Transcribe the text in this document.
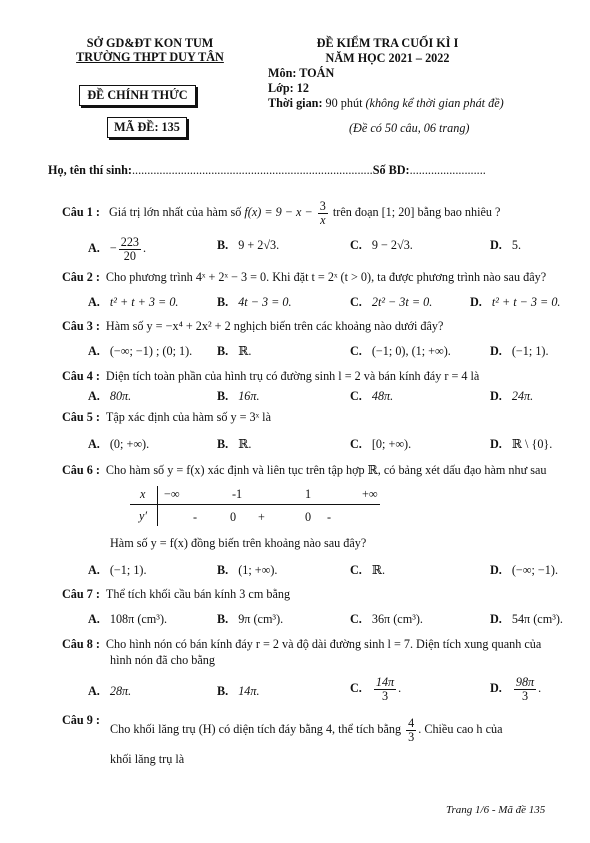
SỞ GD&ĐT KON TUM
TRƯỜNG THPT DUY TÂN
ĐỀ CHÍNH THỨC
MÃ ĐỀ: 135
ĐỀ KIỂM TRA CUỐI KÌ I
NĂM HỌC 2021 – 2022
Môn: TOÁN
Lớp: 12
Thời gian: 90 phút (không kể thời gian phát đề)
(Đề có 50 câu, 06 trang)
Họ, tên thí sinh:...............................................................................Số BD:.........................
Câu 1 : Giá trị lớn nhất của hàm số $f(x) = 9 - x - \frac{3}{x}$ trên đoạn [1; 20] bằng bao nhiêu ?
A. − $\frac{223}{20}$ .	B. 9 + 2√3.	C. 9 − 2√3.	D. 5.
Câu 2 : Cho phương trình 4ˣ + 2ˣ − 3 = 0. Khi đặt t = 2ˣ (t > 0), ta được phương trình nào sau đây?
A. t² + t + 3 = 0.	B. 4t − 3 = 0.	C. 2t² − 3t = 0.	D. t² + t − 3 = 0.
Câu 3 : Hàm số y = −x⁴ + 2x² + 2 nghịch biến trên các khoảng nào dưới đây?
A. (−∞; −1) ; (0; 1). B. ℝ.	C. (−1; 0), (1; +∞).	D. (−1; 1).
Câu 4 : Diện tích toàn phần của hình trụ có đường sinh l = 2 và bán kính đáy r = 4 là
A. 80π.	B. 16π.	C. 48π.	D. 24π.
Câu 5 : Tập xác định của hàm số y = 3ˣ là
A. (0; +∞).	B. ℝ.	C. [0; +∞).	D. ℝ \ {0}.
Câu 6 : Cho hàm số y = f(x) xác định và liên tục trên tập hợp ℝ, có bảng xét dấu đạo hàm như sau
x −∞	-1	1	+∞
y′	-	0 +	0 -
Hàm số y = f(x) đồng biến trên khoảng nào sau đây?
A. (−1; 1).	B. (1; +∞).	C. ℝ.	D. (−∞; −1).
Câu 7 : Thể tích khối cầu bán kính 3 cm bằng
A. 108π (cm³).	B. 9π (cm³).	C. 36π (cm³).	D. 54π (cm³).
Câu 8 : Cho hình nón có bán kính đáy r = 2 và độ dài đường sinh l = 7. Diện tích xung quanh của
hình nón đã cho bằng
A. 28π.	B. 14π.	C. $\frac{14\pi}{3}$ .	D. $\frac{98\pi}{3}$ .
Câu 9 :
Cho khối lăng trụ (H) có diện tích đáy bằng 4, thể tích bằng $\frac{4}{3}$ . Chiều cao h của
khối lăng trụ là
Trang 1/6 - Mã đề 135
